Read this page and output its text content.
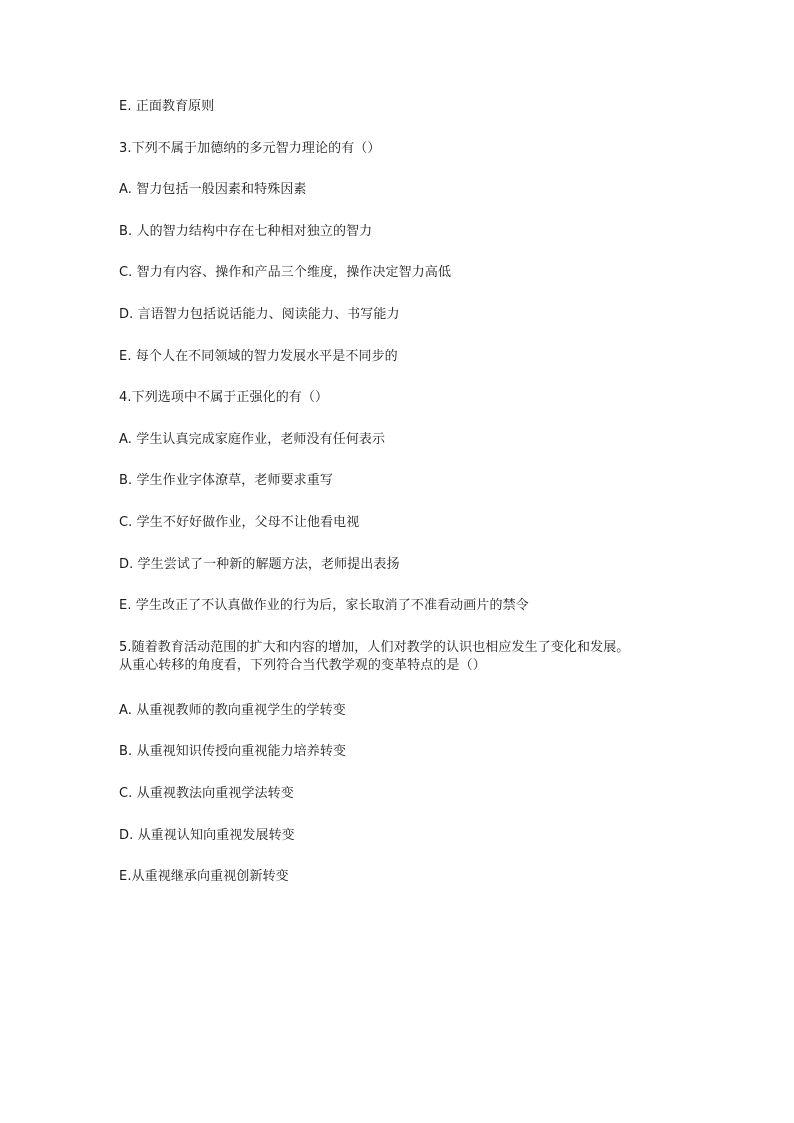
E. 正面教育原则
3.下列不属于加德纳的多元智力理论的有（）
A. 智力包括一般因素和特殊因素
B. 人的智力结构中存在七种相对独立的智力
C. 智力有内容、操作和产品三个维度，操作决定智力高低
D. 言语智力包括说话能力、阅读能力、书写能力
E. 每个人在不同领域的智力发展水平是不同步的
4.下列选项中不属于正强化的有（）
A. 学生认真完成家庭作业，老师没有任何表示
B. 学生作业字体潦草，老师要求重写
C. 学生不好好做作业，父母不让他看电视
D. 学生尝试了一种新的解题方法，老师提出表扬
E. 学生改正了不认真做作业的行为后，家长取消了不准看动画片的禁令
5.随着教育活动范围的扩大和内容的增加，人们对教学的认识也相应发生了变化和发展。
从重心转移的角度看，下列符合当代教学观的变革特点的是（）
A. 从重视教师的教向重视学生的学转变
B. 从重视知识传授向重视能力培养转变
C. 从重视教法向重视学法转变
D. 从重视认知向重视发展转变
E.从重视继承向重视创新转变
